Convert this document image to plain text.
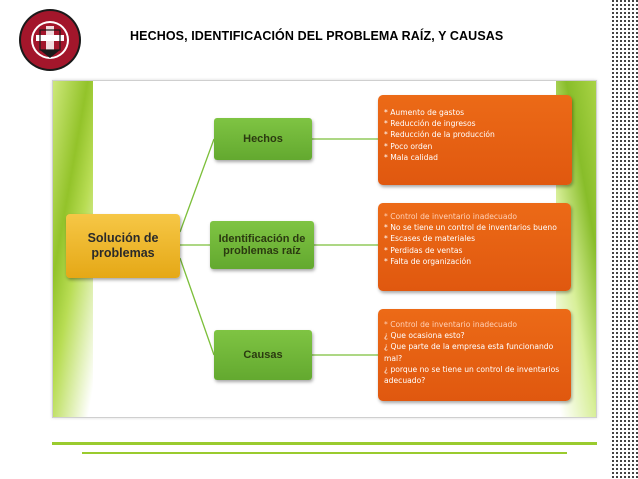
HECHOS, IDENTIFICACIÓN DEL PROBLEMA RAÍZ, Y CAUSAS
Solución de
problemas
Hechos
Identificación de
problemas raíz
Causas
* Aumento de gastos
* Reducción de ingresos
* Reducción de la producción
* Poco orden
* Mala calidad
* Control de inventario inadecuado
* No se tiene un control de inventarios bueno
* Escases de materiales
* Perdidas de ventas
* Falta de organización
* Control de inventario inadecuado
¿ Que ocasiona esto?
¿ Que parte de la empresa esta funcionando mal?
¿ porque no se tiene un control de inventarios adecuado?
